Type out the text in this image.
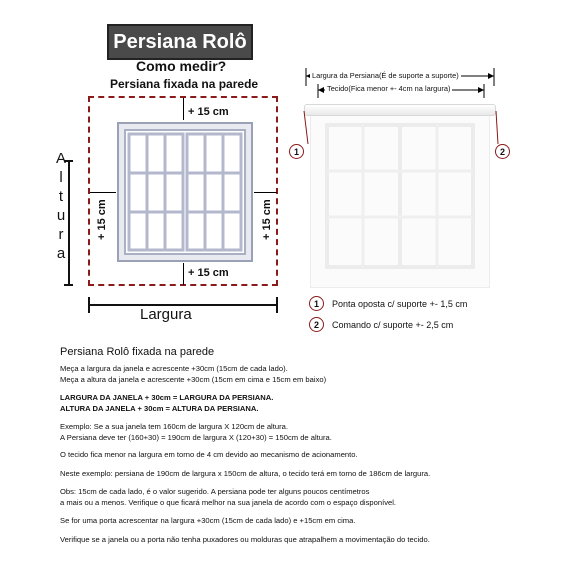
Persiana Rolô
Como medir?
Persiana fixada na parede
+ 15 cm
+ 15 cm
+ 15 cm	+ 15 cm
A
l
t
u
r
a
Largura
Largura da Persiana(É de suporte a suporte)
Tecido(Fica menor +- 4cm na largura)
1	2
1	Ponta oposta c/ suporte +- 1,5 cm
2	Comando c/ suporte +- 2,5 cm
Persiana Rolô fixada na parede
Meça a largura da janela e acrescente +30cm (15cm de cada lado).
Meça a altura da janela e acrescente +30cm (15cm em cima e 15cm em baixo)
LARGURA DA JANELA + 30cm = LARGURA DA PERSIANA.
ALTURA DA JANELA + 30cm = ALTURA DA PERSIANA.
Exemplo: Se a sua janela tem 160cm de largura X 120cm de altura.
A Persiana deve ter (160+30) = 190cm de largura X (120+30) = 150cm de altura.
O tecido fica menor na largura em torno de 4 cm devido ao mecanismo de acionamento.
Neste exemplo: persiana de 190cm de largura x 150cm de altura, o tecido terá em torno de 186cm de largura.
Obs: 15cm de cada lado, é o valor sugerido. A persiana pode ter alguns poucos centímetros
a mais ou a menos. Verifique o que ficará melhor na sua janela de acordo com o espaço disponível.
Se for uma porta acrescentar na largura +30cm (15cm de cada lado) e +15cm em cima.
Verifique se a janela ou a porta não tenha puxadores ou molduras que atrapalhem a movimentação do tecido.
